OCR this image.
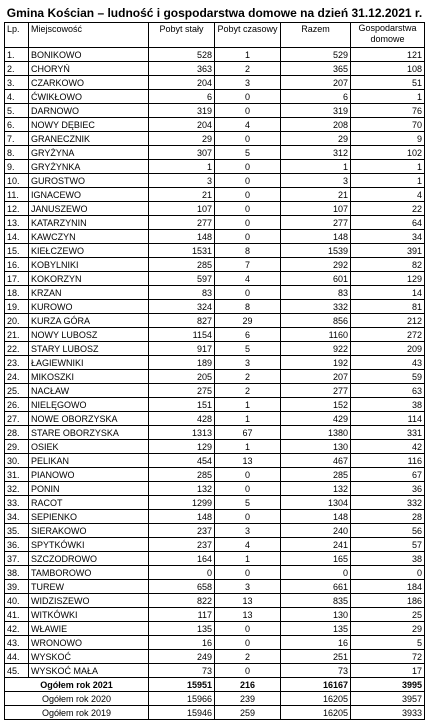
Gmina Kościan – ludność i gospodarstwa domowe na dzień 31.12.2021 r.
Lp.	Miejscowość	Pobyt stały	Pobyt czasowy	Razem	Gospodarstwa domowe
1.	BONIKOWO	528	1	529	121
2.	CHORYŃ	363	2	365	108
3.	CZARKOWO	204	3	207	51
4.	ĆWIKŁOWO	6	0	6	1
5.	DARNOWO	319	0	319	76
6.	NOWY DĘBIEC	204	4	208	70
7.	GRANECZNIK	29	0	29	9
8.	GRYŻYNA	307	5	312	102
9.	GRYŻYNKA	1	0	1	1
10.	GUROSTWO	3	0	3	1
11.	IGNACEWO	21	0	21	4
12.	JANUSZEWO	107	0	107	22
13.	KATARZYNIN	277	0	277	64
14.	KAWCZYN	148	0	148	34
15.	KIEŁCZEWO	1531	8	1539	391
16.	KOBYLNIKI	285	7	292	82
17.	KOKORZYN	597	4	601	129
18.	KRZAN	83	0	83	14
19.	KUROWO	324	8	332	81
20.	KURZA GÓRA	827	29	856	212
21.	NOWY LUBOSZ	1154	6	1160	272
22.	STARY LUBOSZ	917	5	922	209
23.	ŁAGIEWNIKI	189	3	192	43
24.	MIKOSZKI	205	2	207	59
25.	NACŁAW	275	2	277	63
26.	NIELĘGOWO	151	1	152	38
27.	NOWE OBORZYSKA	428	1	429	114
28.	STARE OBORZYSKA	1313	67	1380	331
29.	OSIEK	129	1	130	42
30.	PELIKAN	454	13	467	116
31.	PIANOWO	285	0	285	67
32.	PONIN	132	0	132	36
33.	RACOT	1299	5	1304	332
34.	SEPIENKO	148	0	148	28
35.	SIERAKOWO	237	3	240	56
36.	SPYTKÓWKI	237	4	241	57
37.	SZCZODROWO	164	1	165	38
38.	TAMBOROWO	0	0	0	0
39.	TUREW	658	3	661	184
40.	WIDZISZEWO	822	13	835	186
41.	WITKÓWKI	117	13	130	25
42.	WŁAWIE	135	0	135	29
43.	WRONOWO	16	0	16	5
44.	WYSKOĆ	249	2	251	72
45.	WYSKOĆ MAŁA	73	0	73	17
Ogółem rok 2021		15951	216	16167	3995
Ogółem rok 2020		15966	239	16205	3957
Ogółem rok 2019		15946	259	16205	3933
